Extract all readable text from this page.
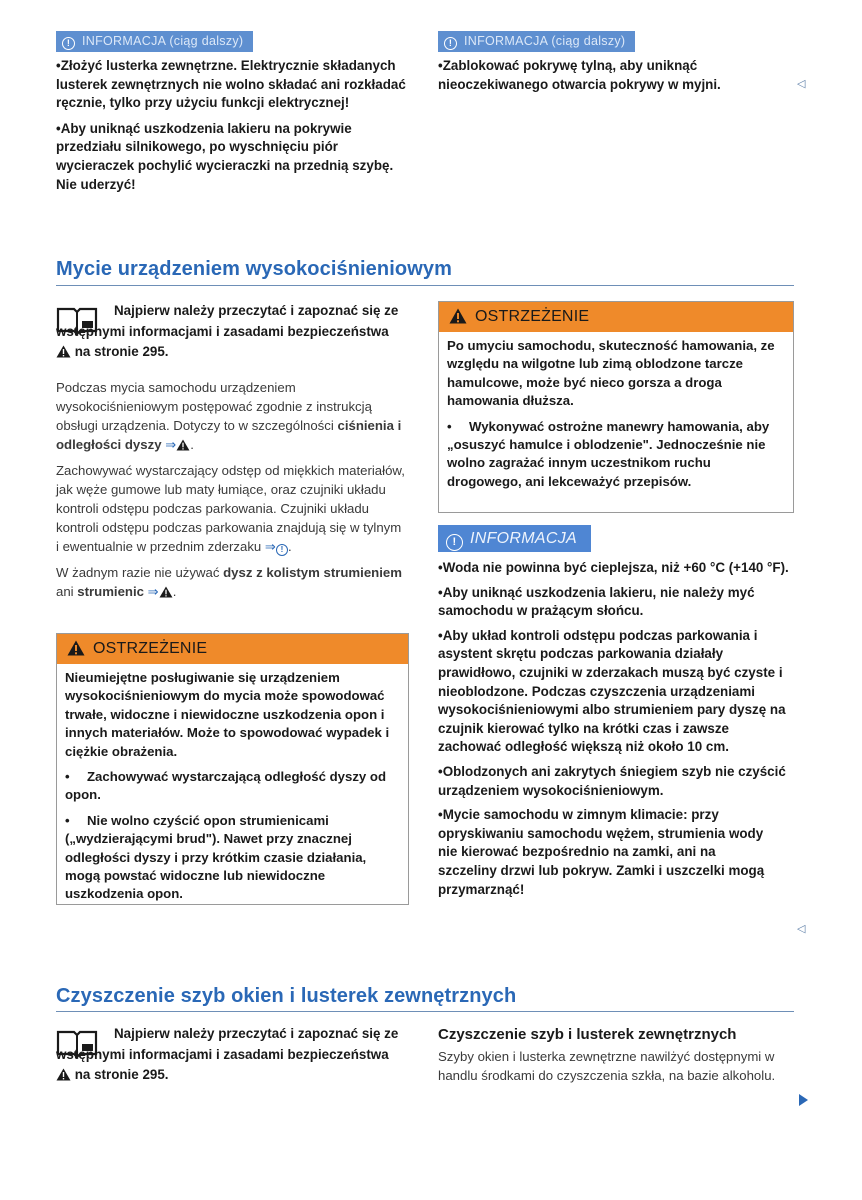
! INFORMACJA (ciąg dalszy)

•Złożyć lusterka zewnętrzne. Elektrycznie składanych lusterek zewnętrznych nie wolno składać ani rozkładać ręcznie, tylko przy użyciu funkcji elektrycznej!

•Aby uniknąć uszkodzenia lakieru na pokrywie przedziału silnikowego, po wyschnięciu piór wycieraczek pochylić wycieraczki na przednią szybę. Nie uderzyć!

! INFORMACJA (ciąg dalszy)

•Zablokować pokrywę tylną, aby uniknąć nieoczekiwanego otwarcia pokrywy w myjni.	◁
Mycie urządzeniem wysokociśnieniowym

Najpierw należy przeczytać i zapoznać się ze wstępnymi informacjami i zasadami bezpieczeństwa  na stronie 295.

Podczas mycia samochodu urządzeniem wysokociśnieniowym postępować zgodnie z instrukcją obsługi urządzenia. Dotyczy to w szczególności ciśnienia i odległości dyszy ⇒ .

Zachowywać wystarczający odstęp od miękkich materiałów, jak węże gumowe lub maty łumiące, oraz czujniki układu kontroli odstępu podczas parkowania. Czujniki układu kontroli odstępu podczas parkowania znajdują się w tylnym i ewentualnie w przednim zderzaku ⇒ ! .

W żadnym razie nie używać dysz z kolistym strumieniem ani strumienic ⇒ .

OSTRZEŻENIE

Nieumiejętne posługiwanie się urządzeniem wysokociśnieniowym do mycia może spowodować trwałe, widoczne i niewidoczne uszkodzenia opon i innych materiałów. Może to spowodować wypadek i ciężkie obrażenia.

• Zachowywać wystarczającą odległość dyszy od opon.

• Nie wolno czyścić opon strumienicami („wydzierającymi brud"). Nawet przy znacznej odległości dyszy i przy krótkim czasie działania, mogą powstać widoczne lub niewidoczne uszkodzenia opon.

OSTRZEŻENIE

Po umyciu samochodu, skuteczność hamowania, ze względu na wilgotne lub zimą oblodzone tarcze hamulcowe, może być nieco gorsza a droga hamowania dłuższa.

• Wykonywać ostrożne manewry hamowania, aby „osuszyć hamulce i oblodzenie". Jednocześnie nie wolno zagrażać innym uczestnikom ruchu drogowego, ani lekceważyć przepisów.

! INFORMACJA

•Woda nie powinna być cieplejsza, niż +60 °C (+140 °F).

•Aby uniknąć uszkodzenia lakieru, nie należy myć samochodu w prażącym słońcu.

•Aby układ kontroli odstępu podczas parkowania i asystent skrętu podczas parkowania działały prawidłowo, czujniki w zderzakach muszą być czyste i nieoblodzone. Podczas czyszczenia urządzeniami wysokociśnieniowymi albo strumieniem pary dyszę na czujnik kierować tylko na krótki czas i zawsze zachować odległość większą niż około 10 cm.

•Oblodzonych ani zakrytych śniegiem szyb nie czyścić urządzeniem wysokociśnieniowym.

•Mycie samochodu w zimnym klimacie: przy opryskiwaniu samochodu wężem, strumienia wody nie kierować bezpośrednio na zamki, ani na szczeliny drzwi lub pokryw. Zamki i uszczelki mogą przymarznąć!

◁
Czyszczenie szyb okien i lusterek zewnętrznych

Najpierw należy przeczytać i zapoznać się ze wstępnymi informacjami i zasadami bezpieczeństwa  na stronie 295.

Czyszczenie szyb i lusterek zewnętrznych

Szyby okien i lusterka zewnętrzne nawilżyć dostępnymi w handlu środkami do czyszczenia szkła, na bazie alkoholu.
